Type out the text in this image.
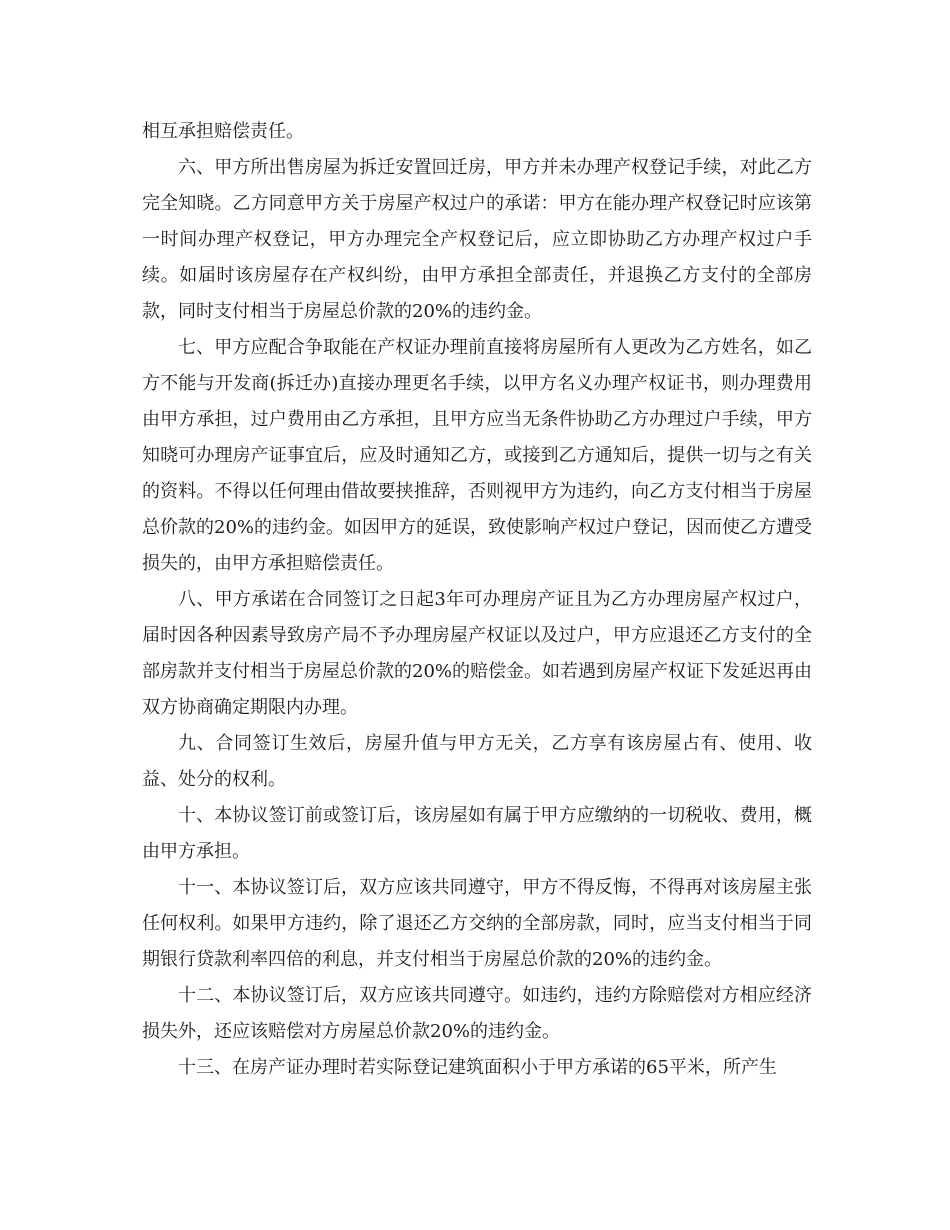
相互承担赔偿责任。

六、甲方所出售房屋为拆迁安置回迁房，甲方并未办理产权登记手续，对此乙方完全知晓。乙方同意甲方关于房屋产权过户的承诺：甲方在能办理产权登记时应该第一时间办理产权登记，甲方办理完全产权登记后，应立即协助乙方办理产权过户手续。如届时该房屋存在产权纠纷，由甲方承担全部责任，并退换乙方支付的全部房款，同时支付相当于房屋总价款的20%的违约金。

七、甲方应配合争取能在产权证办理前直接将房屋所有人更改为乙方姓名，如乙方不能与开发商(拆迁办)直接办理更名手续，以甲方名义办理产权证书，则办理费用由甲方承担，过户费用由乙方承担，且甲方应当无条件协助乙方办理过户手续，甲方知晓可办理房产证事宜后，应及时通知乙方，或接到乙方通知后，提供一切与之有关的资料。不得以任何理由借故要挟推辞，否则视甲方为违约，向乙方支付相当于房屋总价款的20%的违约金。如因甲方的延误，致使影响产权过户登记，因而使乙方遭受损失的，由甲方承担赔偿责任。

八、甲方承诺在合同签订之日起3年可办理房产证且为乙方办理房屋产权过户，届时因各种因素导致房产局不予办理房屋产权证以及过户，甲方应退还乙方支付的全部房款并支付相当于房屋总价款的20%的赔偿金。如若遇到房屋产权证下发延迟再由双方协商确定期限内办理。

九、合同签订生效后，房屋升值与甲方无关，乙方享有该房屋占有、使用、收益、处分的权利。

十、本协议签订前或签订后，该房屋如有属于甲方应缴纳的一切税收、费用，概由甲方承担。

十一、本协议签订后，双方应该共同遵守，甲方不得反悔，不得再对该房屋主张任何权利。如果甲方违约，除了退还乙方交纳的全部房款，同时，应当支付相当于同期银行贷款利率四倍的利息，并支付相当于房屋总价款的20%的违约金。

十二、本协议签订后，双方应该共同遵守。如违约，违约方除赔偿对方相应经济损失外，还应该赔偿对方房屋总价款20%的违约金。

十三、在房产证办理时若实际登记建筑面积小于甲方承诺的65平米，所产生
